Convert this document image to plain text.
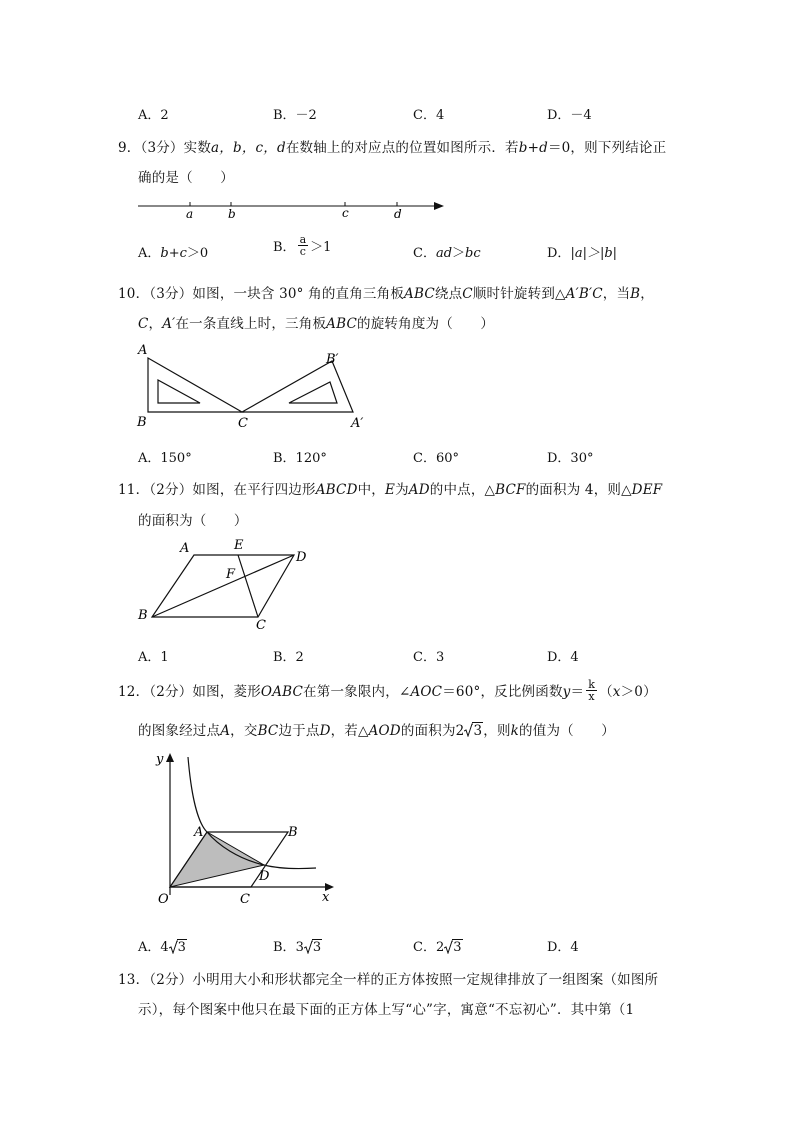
A．2	B．－2	C．4	D．－4
9．（3分）实数a，b，c，d在数轴上的对应点的位置如图所示．若b+d＝0，则下列结论正
确的是（　　）
a	b	c	d
A．b+c＞0	B． $\frac{a}{c} >1$	C．ad＞bc	D．|a|＞|b|
10．（3分）如图，一块含 30° 角的直角三角板ABC绕点C顺时针旋转到△A′B′C，当B，
C，A′在一条直线上时，三角板ABC的旋转角度为（　　）
A
B	C
B′
A′
A．150°	B．120°	C．60°	D．30°
11．（2分）如图，在平行四边形ABCD中，E为AD的中点，△BCF的面积为 4，则△DEF
的面积为（　　）
A	E
D
F
B
C
A．1	B．2	C．3	D．4
12．（2分）如图，菱形OABC在第一象限内，∠AOC＝60°，反比例函数$y= \frac{k}{x} (x>0)$
的图象经过点A，交BC边于点D，若△AOD的面积为2 3，则k的值为（　　）
y
A	B
D
O	C	x
A．4 3	B．3 3	C．2 3	D．4
13．（2分）小明用大小和形状都完全一样的正方体按照一定规律排放了一组图案（如图所
示），每个图案中他只在最下面的正方体上写“心”字，寓意“不忘初心”．其中第（1
